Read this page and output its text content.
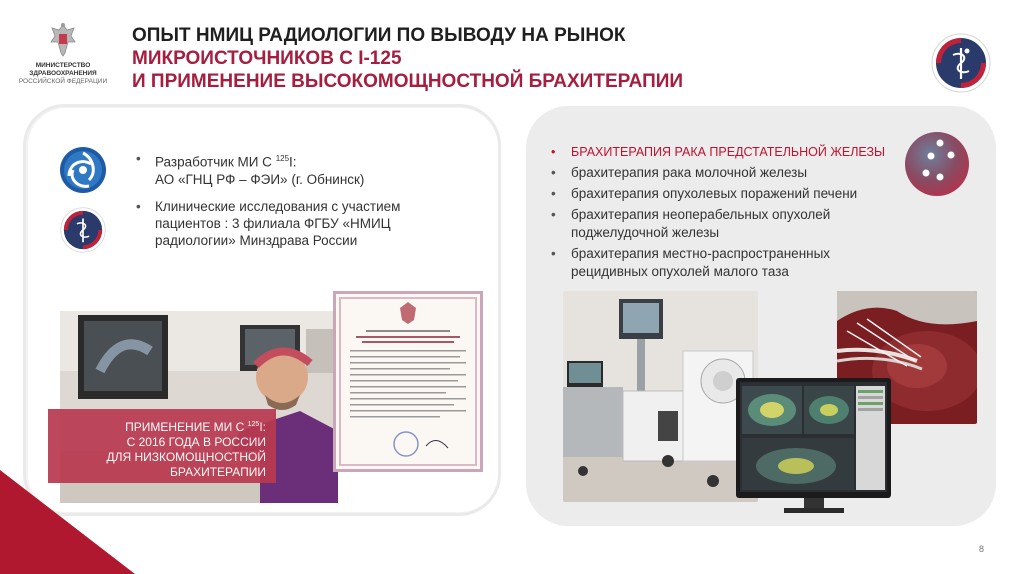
МИНИСТЕРСТВО
ЗДРАВООХРАНЕНИЯ
РОССИЙСКОЙ ФЕДЕРАЦИИ
ОПЫТ НМИЦ РАДИОЛОГИИ ПО ВЫВОДУ НА РЫНОК
МИКРОИСТОЧНИКОВ С I-125
И ПРИМЕНЕНИЕ ВЫСОКОМОЩНОСТНОЙ БРАХИТЕРАПИИ
• Разработчик МИ С $^{125}$I:
АО «ГНЦ РФ – ФЭИ» (г. Обнинск)
• Клинические исследования с участием пациентов : 3 филиала ФГБУ «НМИЦ радиологии» Минздрава России
ПРИМЕНЕНИЕ МИ С $^{125}$I:
С 2016 ГОДА В РОССИИ
ДЛЯ НИЗКОМОЩНОСТНОЙ
БРАХИТЕРАПИИ
• БРАХИТЕРАПИЯ РАКА ПРЕДСТАТЕЛЬНОЙ ЖЕЛЕЗЫ
• брахитерапия рака молочной железы
• брахитерапия опухолевых поражений печени
• брахитерапия неоперабельных опухолей поджелудочной железы
• брахитерапия местно-распространенных рецидивных опухолей малого таза
8
